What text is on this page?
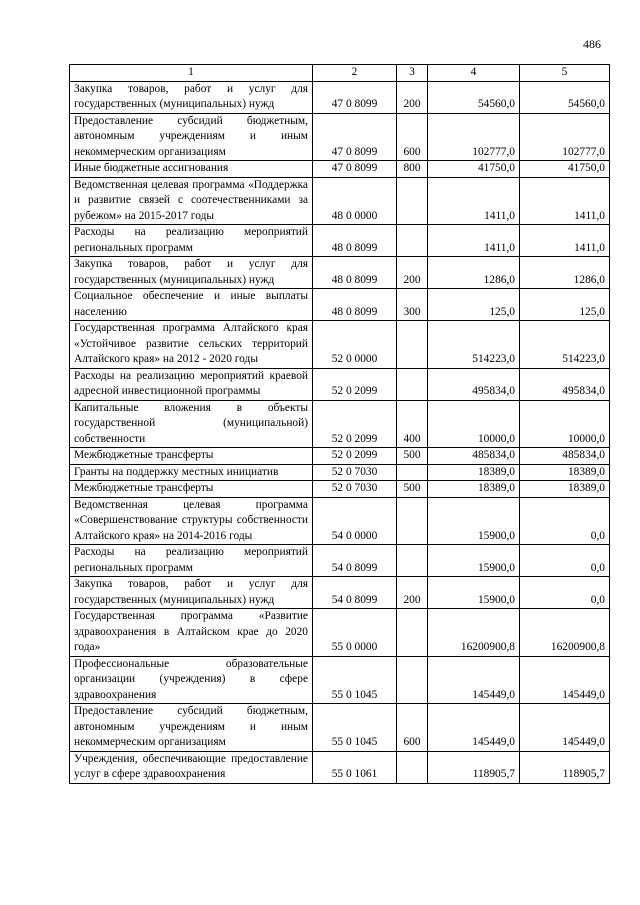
486
1	2	3	4	5
Закупка товаров, работ и услуг для государственных (муниципальных) нужд	47 0 8099	200	54560,0	54560,0
Предоставление субсидий бюджетным, автономным учреждениям и иным некоммерческим организациям	47 0 8099	600	102777,0	102777,0
Иные бюджетные ассигнования	47 0 8099	800	41750,0	41750,0
Ведомственная целевая программа «Поддержка и развитие связей с соотечественниками за рубежом» на 2015-2017 годы	48 0 0000		1411,0	1411,0
Расходы на реализацию мероприятий региональных программ	48 0 8099		1411,0	1411,0
Закупка товаров, работ и услуг для государственных (муниципальных) нужд	48 0 8099	200	1286,0	1286,0
Социальное обеспечение и иные выплаты населению	48 0 8099	300	125,0	125,0
Государственная программа Алтайского края «Устойчивое развитие сельских территорий Алтайского края» на 2012 - 2020 годы	52 0 0000		514223,0	514223,0
Расходы на реализацию мероприятий краевой адресной инвестиционной программы	52 0 2099		495834,0	495834,0
Капитальные вложения в объекты государственной (муниципальной) собственности	52 0 2099	400	10000,0	10000,0
Межбюджетные трансферты	52 0 2099	500	485834,0	485834,0
Гранты на поддержку местных инициатив	52 0 7030		18389,0	18389,0
Межбюджетные трансферты	52 0 7030	500	18389,0	18389,0
Ведомственная целевая программа «Совершенствование структуры собственности Алтайского края» на 2014-2016 годы	54 0 0000		15900,0	0,0
Расходы на реализацию мероприятий региональных программ	54 0 8099		15900,0	0,0
Закупка товаров, работ и услуг для государственных (муниципальных) нужд	54 0 8099	200	15900,0	0,0
Государственная программа «Развитие здравоохранения в Алтайском крае до 2020 года»	55 0 0000		16200900,8	16200900,8
Профессиональные образовательные организации (учреждения) в сфере здравоохранения	55 0 1045		145449,0	145449,0
Предоставление субсидий бюджетным, автономным учреждениям и иным некоммерческим организациям	55 0 1045	600	145449,0	145449,0
Учреждения, обеспечивающие предоставление услуг в сфере здравоохранения	55 0 1061		118905,7	118905,7
